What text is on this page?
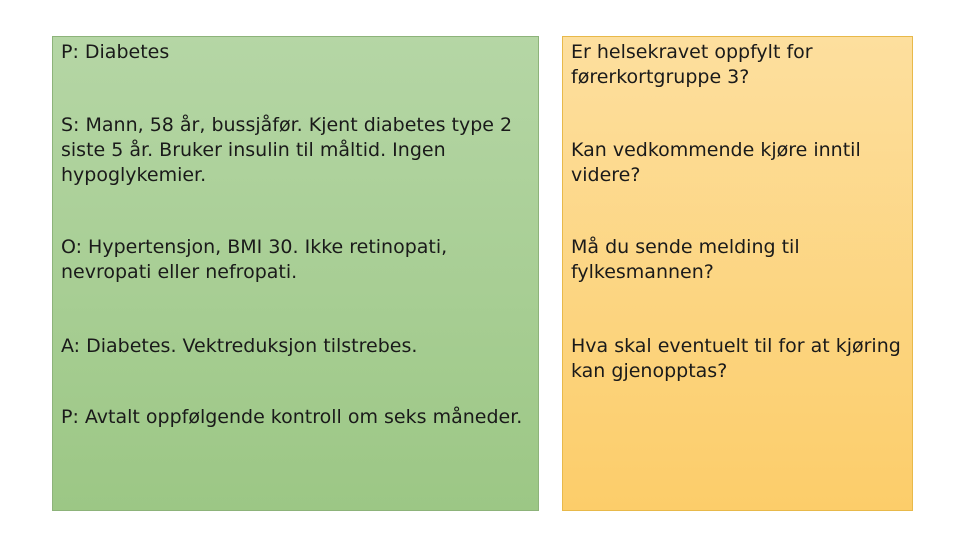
P: Diabetes

S: Mann, 58 år, bussjåfør. Kjent diabetes type 2
siste 5 år. Bruker insulin til måltid. Ingen
hypoglykemier.

O: Hypertensjon, BMI 30. Ikke retinopati,
nevropati eller nefropati.

A: Diabetes. Vektreduksjon tilstrebes.

P: Avtalt oppfølgende kontroll om seks måneder.

Er helsekravet oppfylt for
førerkortgruppe 3?

Kan vedkommende kjøre inntil
videre?

Må du sende melding til
fylkesmannen?

Hva skal eventuelt til for at kjøring
kan gjenopptas?
